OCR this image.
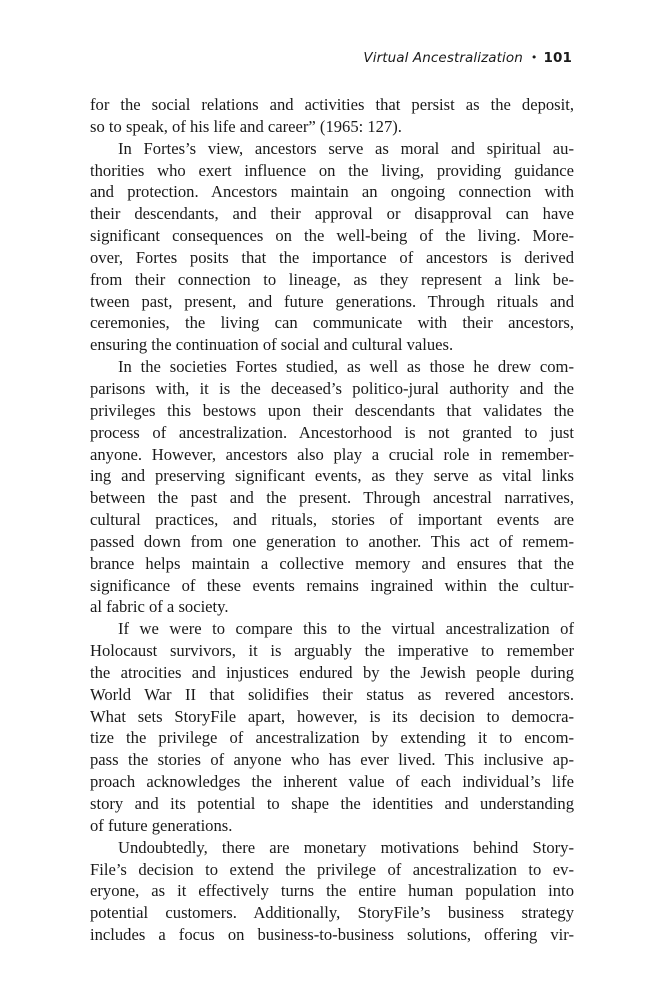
Virtual Ancestralization • 101
for the social relations and activities that persist as the deposit,
so to speak, of his life and career” (1965: 127).
In Fortes’s view, ancestors serve as moral and spiritual au-
thorities who exert influence on the living, providing guidance
and protection. Ancestors maintain an ongoing connection with
their descendants, and their approval or disapproval can have
significant consequences on the well-being of the living. More-
over, Fortes posits that the importance of ancestors is derived
from their connection to lineage, as they represent a link be-
tween past, present, and future generations. Through rituals and
ceremonies, the living can communicate with their ancestors,
ensuring the continuation of social and cultural values.
In the societies Fortes studied, as well as those he drew com-
parisons with, it is the deceased’s politico-jural authority and the
privileges this bestows upon their descendants that validates the
process of ancestralization. Ancestorhood is not granted to just
anyone. However, ancestors also play a crucial role in remember-
ing and preserving significant events, as they serve as vital links
between the past and the present. Through ancestral narratives,
cultural practices, and rituals, stories of important events are
passed down from one generation to another. This act of remem-
brance helps maintain a collective memory and ensures that the
significance of these events remains ingrained within the cultur-
al fabric of a society.
If we were to compare this to the virtual ancestralization of
Holocaust survivors, it is arguably the imperative to remember
the atrocities and injustices endured by the Jewish people during
World War II that solidifies their status as revered ancestors.
What sets StoryFile apart, however, is its decision to democra-
tize the privilege of ancestralization by extending it to encom-
pass the stories of anyone who has ever lived. This inclusive ap-
proach acknowledges the inherent value of each individual’s life
story and its potential to shape the identities and understanding
of future generations.
Undoubtedly, there are monetary motivations behind Story-
File’s decision to extend the privilege of ancestralization to ev-
eryone, as it effectively turns the entire human population into
potential customers. Additionally, StoryFile’s business strategy
includes a focus on business-to-business solutions, offering vir-
